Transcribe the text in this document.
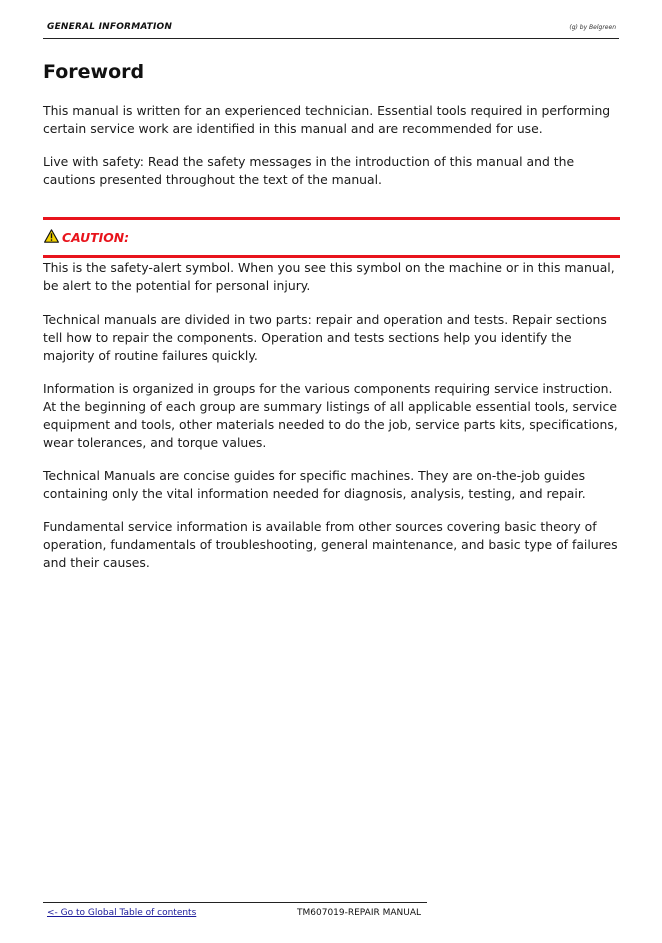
GENERAL INFORMATION	(g) by Belgreen
Foreword

This manual is written for an experienced technician. Essential tools required in performing certain service work are identified in this manual and are recommended for use.

Live with safety: Read the safety messages in the introduction of this manual and the cautions presented throughout the text of the manual.

CAUTION:

This is the safety-alert symbol. When you see this symbol on the machine or in this manual, be alert to the potential for personal injury.

Technical manuals are divided in two parts: repair and operation and tests. Repair sections tell how to repair the components. Operation and tests sections help you identify the majority of routine failures quickly.

Information is organized in groups for the various components requiring service instruction. At the beginning of each group are summary listings of all applicable essential tools, service equipment and tools, other materials needed to do the job, service parts kits, specifications, wear tolerances, and torque values.

Technical Manuals are concise guides for specific machines. They are on-the-job guides containing only the vital information needed for diagnosis, analysis, testing, and repair.

Fundamental service information is available from other sources covering basic theory of operation, fundamentals of troubleshooting, general maintenance, and basic type of failures and their causes.

<- Go to Global Table of contents	TM607019-REPAIR MANUAL
